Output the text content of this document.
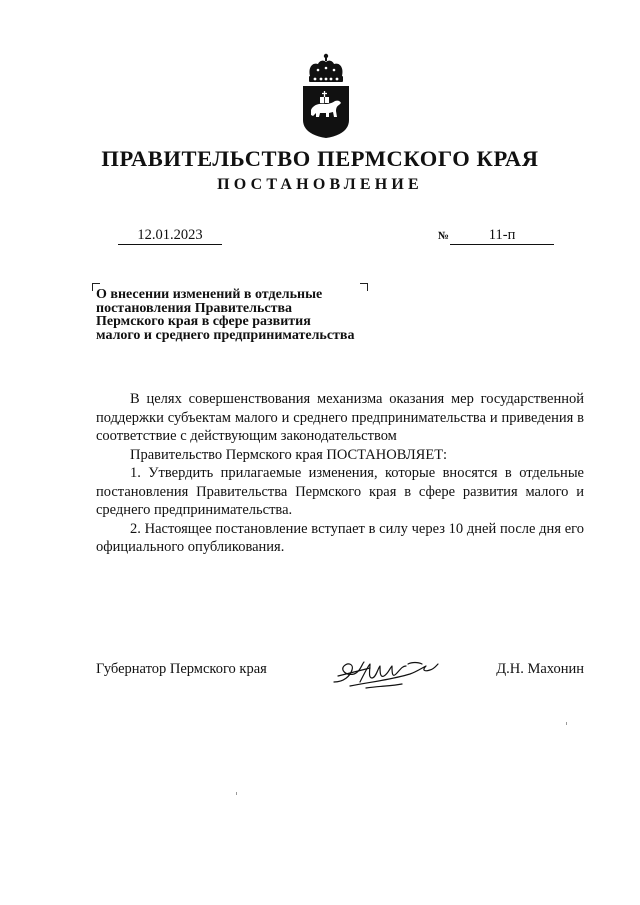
ПРАВИТЕЛЬСТВО ПЕРМСКОГО КРАЯ
ПОСТАНОВЛЕНИЕ
12.01.2023	№	11-п
О внесении изменений в отдельные
постановления Правительства
Пермского края в сфере развития
малого и среднего предпринимательства

В целях совершенствования механизма оказания мер государственной поддержки субъектам малого и среднего предпринимательства и приведения в соответствие с действующим законодательством

Правительство Пермского края ПОСТАНОВЛЯЕТ:

1. Утвердить прилагаемые изменения, которые вносятся в отдельные постановления Правительства Пермского края в сфере развития малого и среднего предпринимательства.

2. Настоящее постановление вступает в силу через 10 дней после дня его официального опубликования.

Губернатор Пермского края	Д.Н. Махонин
